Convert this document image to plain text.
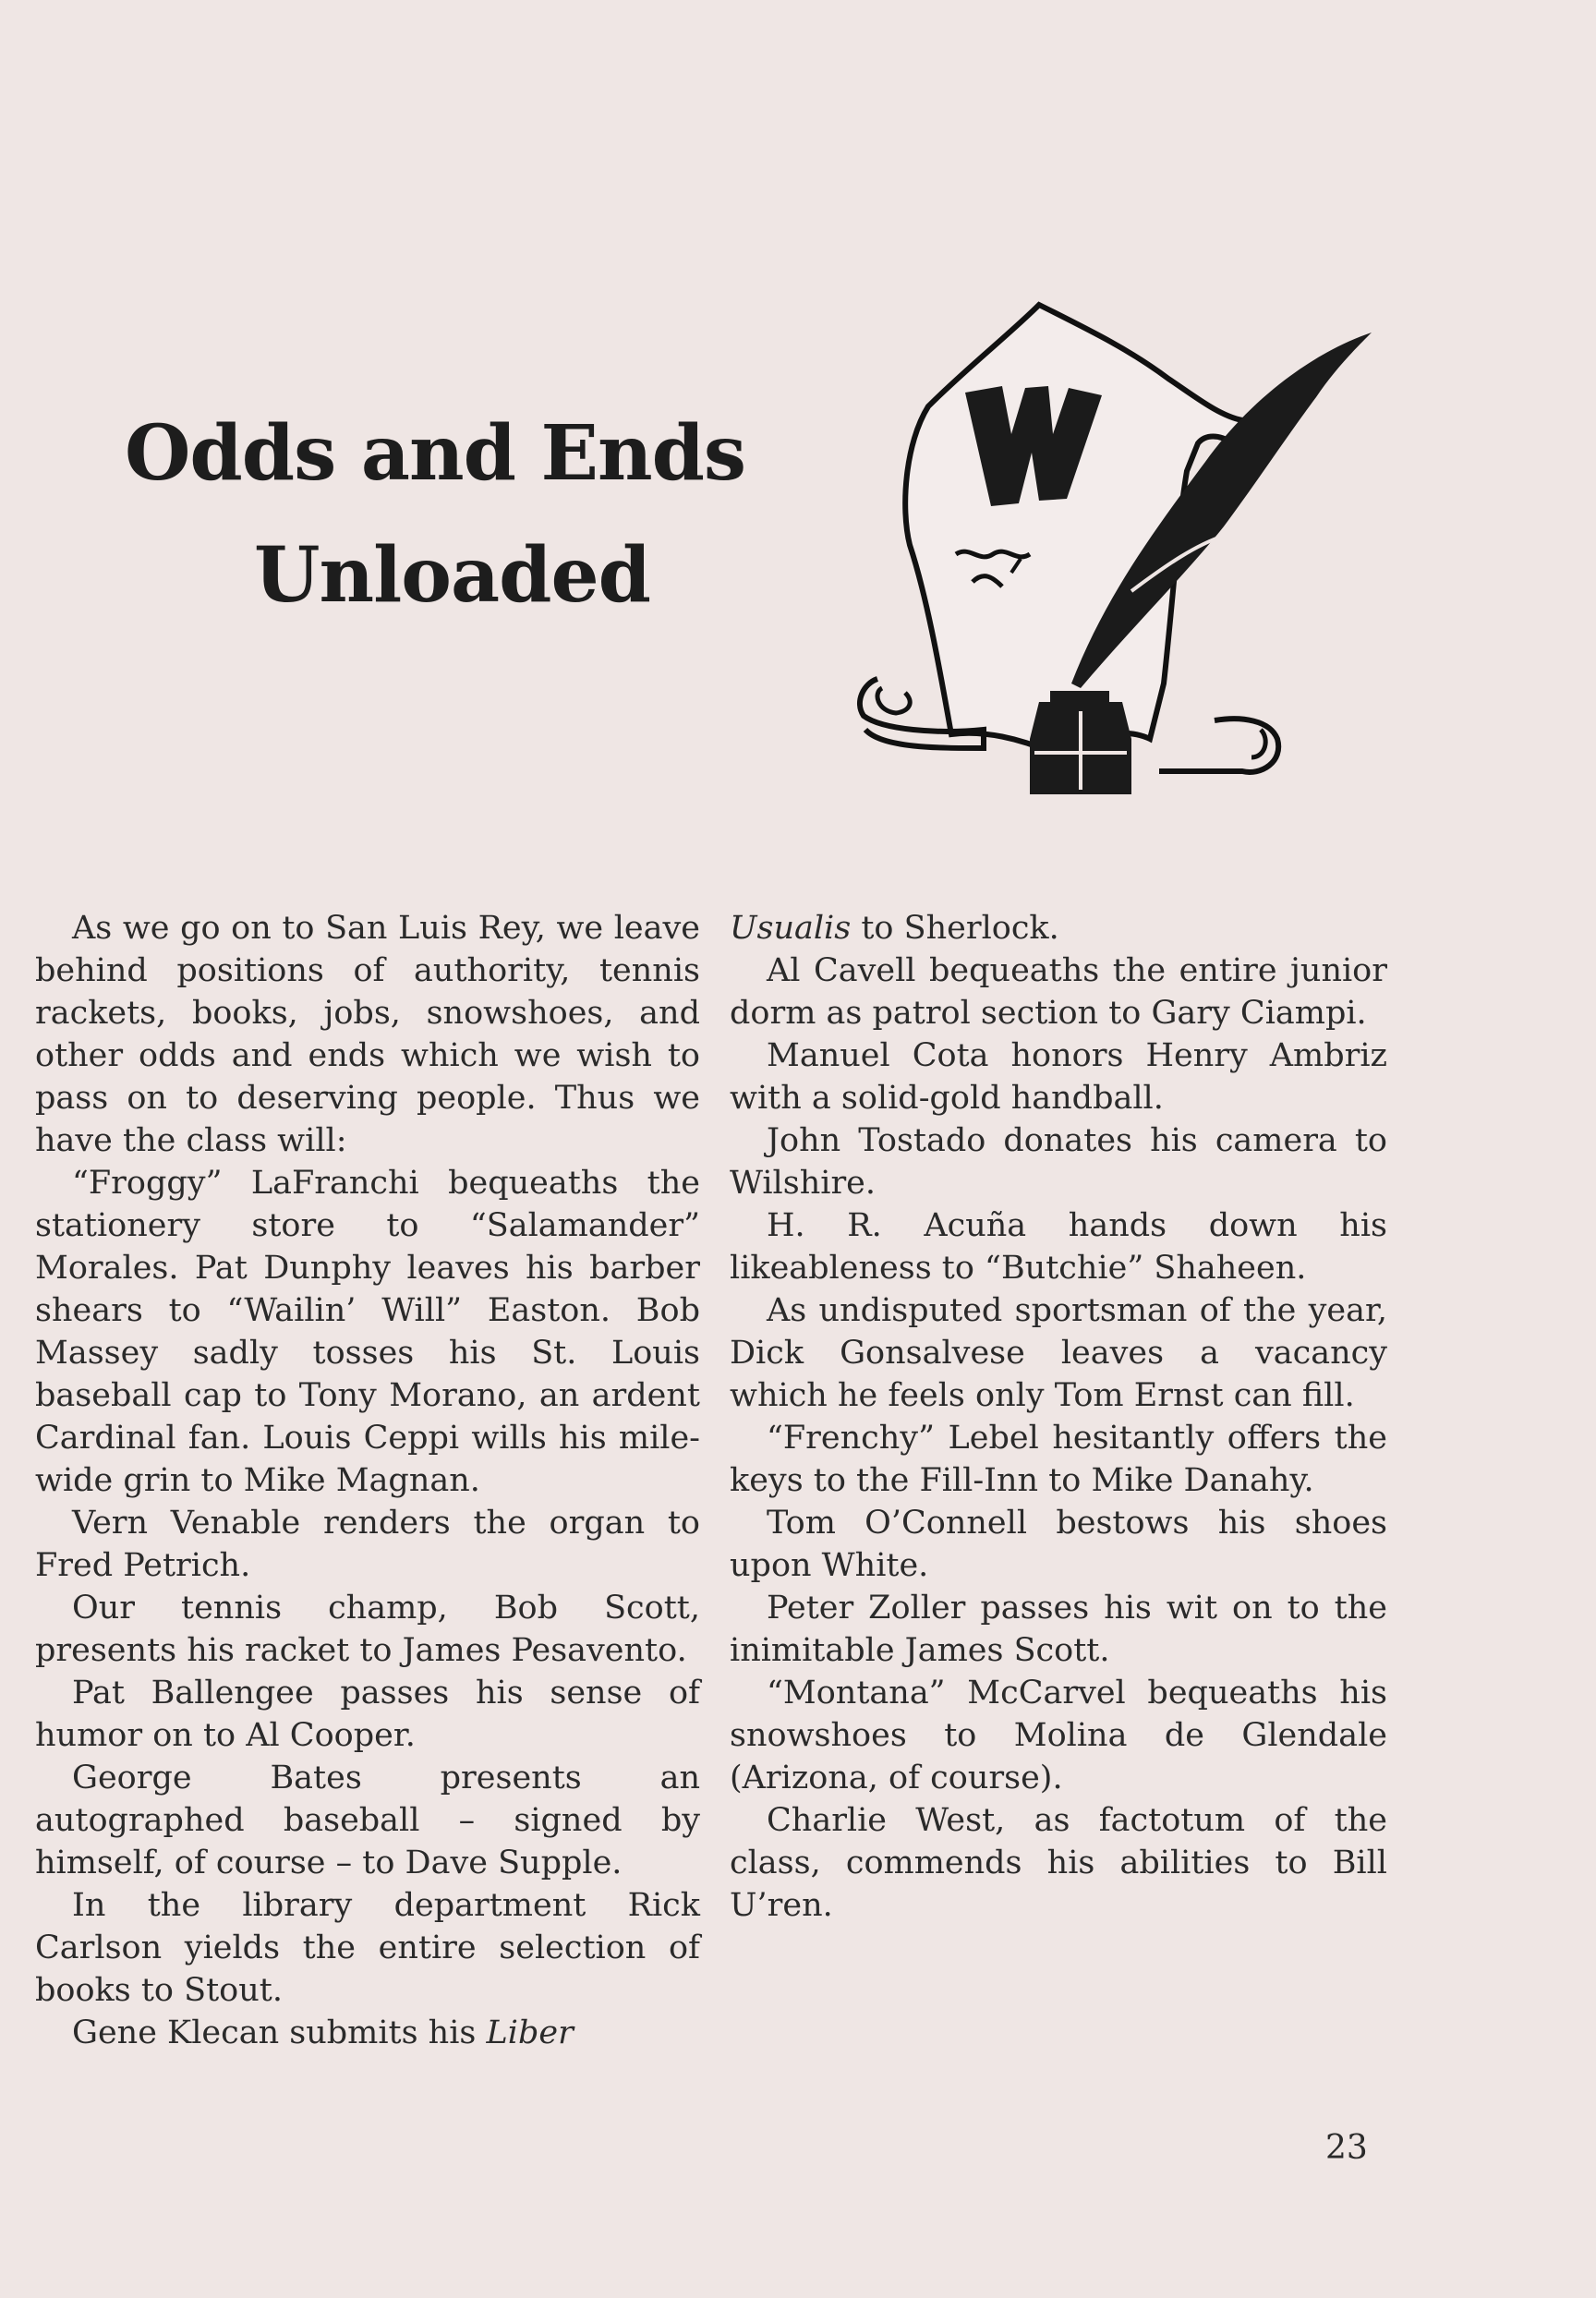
Odds and Ends
Unloaded

As we go on to San Luis Rey, we leave behind positions of authority, tennis rackets, books, jobs, snowshoes, and other odds and ends which we wish to pass on to deserving people. Thus we have the class will:

“Froggy” LaFranchi bequeaths the stationery store to “Salamander” Morales. Pat Dunphy leaves his barber shears to “Wailin’ Will” Easton. Bob Massey sadly tosses his St. Louis baseball cap to Tony Morano, an ardent Cardinal fan. Louis Ceppi wills his mile-wide grin to Mike Magnan.

Vern Venable renders the organ to Fred Petrich.

Our tennis champ, Bob Scott, presents his racket to James Pesavento.

Pat Ballengee passes his sense of humor on to Al Cooper.

George Bates presents an autographed baseball – signed by himself, of course – to Dave Supple.

In the library department Rick Carlson yields the entire selection of books to Stout.

Gene Klecan submits his Liber

Usualis to Sherlock.

Al Cavell bequeaths the entire junior dorm as patrol section to Gary Ciampi.

Manuel Cota honors Henry Ambriz with a solid-gold handball.

John Tostado donates his camera to Wilshire.

H. R. Acuña hands down his likeableness to “Butchie” Shaheen.

As undisputed sportsman of the year, Dick Gonsalvese leaves a vacancy which he feels only Tom Ernst can fill.

“Frenchy” Lebel hesitantly offers the keys to the Fill-Inn to Mike Danahy.

Tom O’Connell bestows his shoes upon White.

Peter Zoller passes his wit on to the inimitable James Scott.

“Montana” McCarvel bequeaths his snowshoes to Molina de Glendale (Arizona, of course).

Charlie West, as factotum of the class, commends his abilities to Bill U’ren.

23
